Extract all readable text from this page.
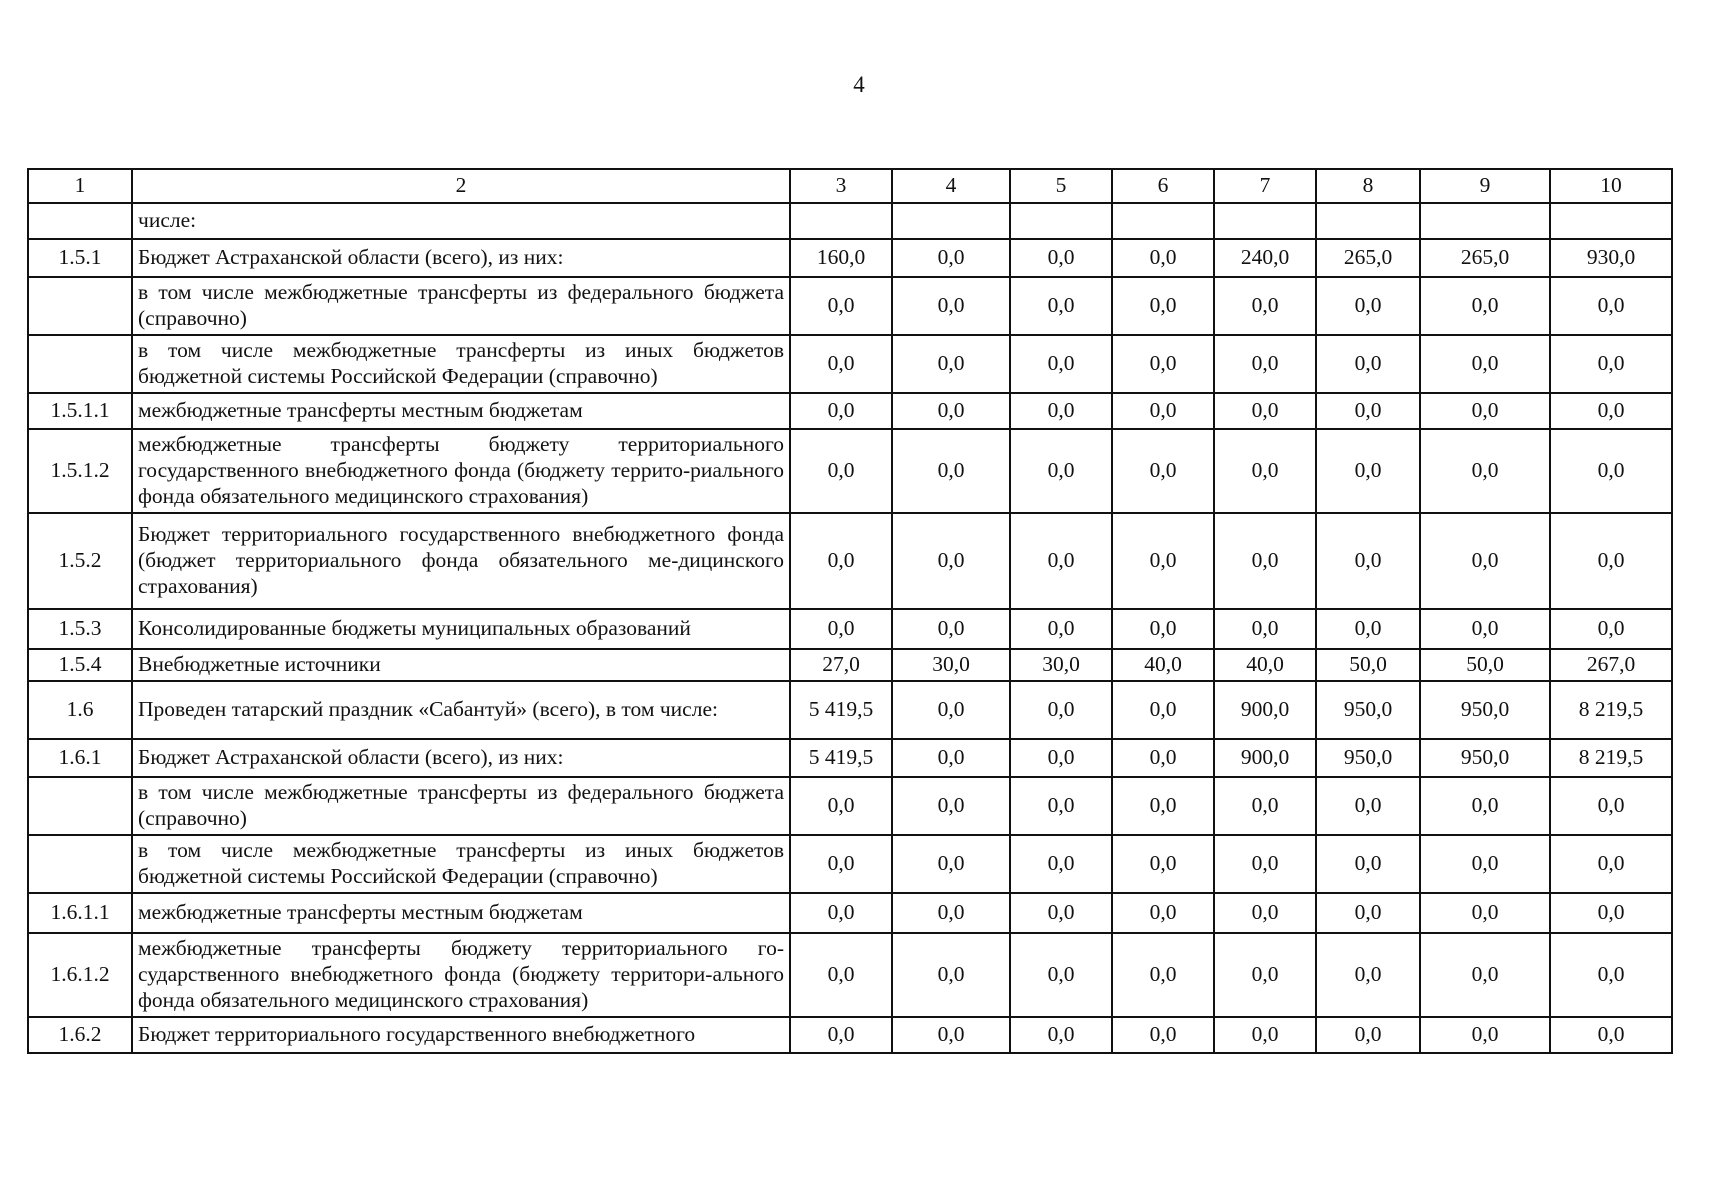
4
1	2	3	4	5	6	7	8	9	10
	числе:								
1.5.1	Бюджет Астраханской области (всего), из них:	160,0	0,0	0,0	0,0	240,0	265,0	265,0	930,0
	в том числе межбюджетные трансферты из федерального бюджета (справочно)	0,0	0,0	0,0	0,0	0,0	0,0	0,0	0,0
	в том числе межбюджетные трансферты из иных бюджетов бюджетной системы Российской Федерации (справочно)	0,0	0,0	0,0	0,0	0,0	0,0	0,0	0,0
1.5.1.1	межбюджетные трансферты местным бюджетам	0,0	0,0	0,0	0,0	0,0	0,0	0,0	0,0
1.5.1.2	межбюджетные трансферты бюджету территориального государственного внебюджетного фонда (бюджету террито-риального фонда обязательного медицинского страхования)	0,0	0,0	0,0	0,0	0,0	0,0	0,0	0,0
1.5.2	Бюджет территориального государственного внебюджетного фонда (бюджет территориального фонда обязательного ме-дицинского страхования)	0,0	0,0	0,0	0,0	0,0	0,0	0,0	0,0
1.5.3	Консолидированные бюджеты муниципальных образований	0,0	0,0	0,0	0,0	0,0	0,0	0,0	0,0
1.5.4	Внебюджетные источники	27,0	30,0	30,0	40,0	40,0	50,0	50,0	267,0
1.6	Проведен татарский праздник «Сабантуй» (всего), в том числе:	5 419,5	0,0	0,0	0,0	900,0	950,0	950,0	8 219,5
1.6.1	Бюджет Астраханской области (всего), из них:	5 419,5	0,0	0,0	0,0	900,0	950,0	950,0	8 219,5
	в том числе межбюджетные трансферты из федерального бюджета (справочно)	0,0	0,0	0,0	0,0	0,0	0,0	0,0	0,0
	в том числе межбюджетные трансферты из иных бюджетов бюджетной системы Российской Федерации (справочно)	0,0	0,0	0,0	0,0	0,0	0,0	0,0	0,0
1.6.1.1	межбюджетные трансферты местным бюджетам	0,0	0,0	0,0	0,0	0,0	0,0	0,0	0,0
1.6.1.2	межбюджетные трансферты бюджету территориального го-сударственного внебюджетного фонда (бюджету территори-ального фонда обязательного медицинского страхования)	0,0	0,0	0,0	0,0	0,0	0,0	0,0	0,0
1.6.2	Бюджет территориального государственного внебюджетного	0,0	0,0	0,0	0,0	0,0	0,0	0,0	0,0
